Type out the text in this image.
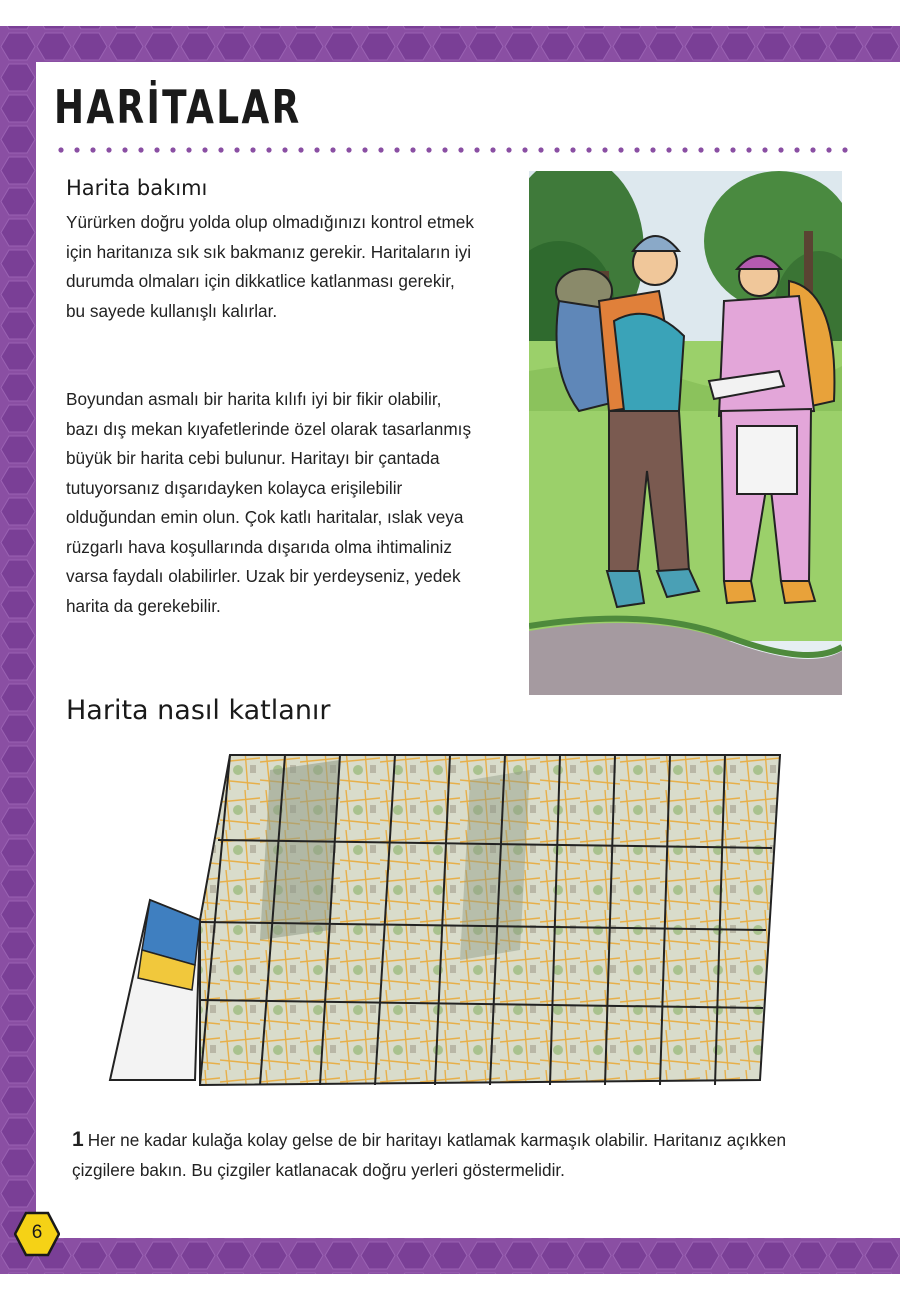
HARİTALAR
Harita bakımı

Yürürken doğru yolda olup olmadığınızı kontrol etmek için haritanıza sık sık bakmanız gerekir. Haritaların iyi durumda olmaları için dikkatlice katlanması gerekir, bu sayede kullanışlı kalırlar.

Boyundan asmalı bir harita kılıfı iyi bir fikir olabilir, bazı dış mekan kıyafetlerinde özel olarak tasarlanmış büyük bir harita cebi bulunur. Haritayı bir çantada tutuyorsanız dışarıdayken kolayca erişilebilir olduğundan emin olun. Çok katlı haritalar, ıslak veya rüzgarlı hava koşullarında dışarıda olma ihtimaliniz varsa faydalı olabilirler. Uzak bir yerdeyseniz, yedek harita da gerekebilir.

Harita nasıl katlanır

1 Her ne kadar kulağa kolay gelse de bir haritayı katlamak karmaşık olabilir. Haritanız açıkken çizgilere bakın. Bu çizgiler katlanacak doğru yerleri göstermelidir.

6
